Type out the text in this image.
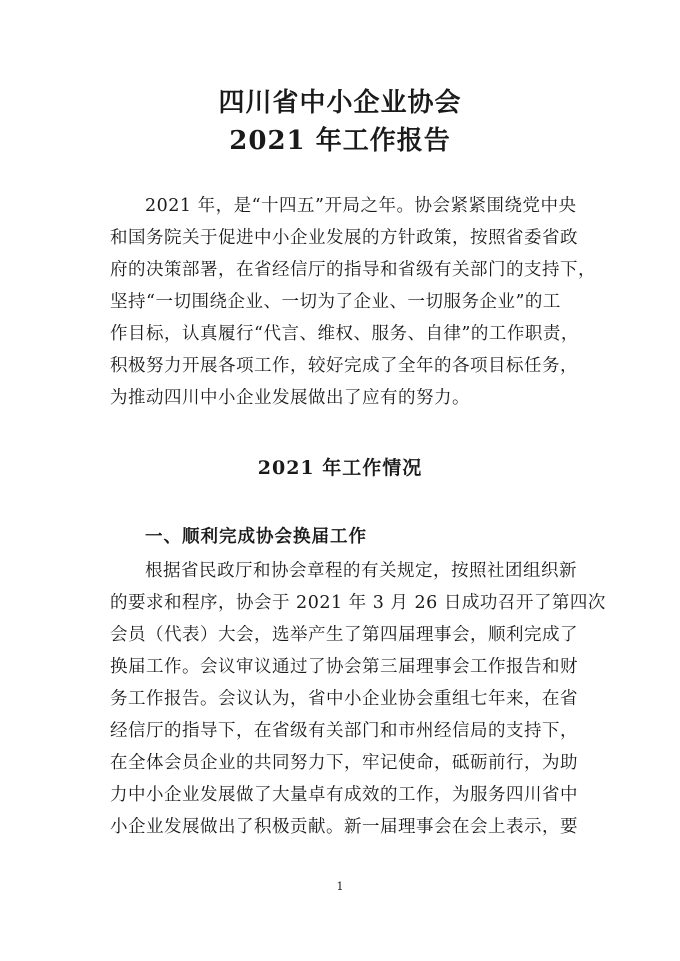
四川省中小企业协会
2021 年工作报告

2021 年，是“十四五”开局之年。协会紧紧围绕党中央
和国务院关于促进中小企业发展的方针政策，按照省委省政
府的决策部署，在省经信厅的指导和省级有关部门的支持下，
坚持“一切围绕企业、一切为了企业、一切服务企业”的工
作目标，认真履行“代言、维权、服务、自律”的工作职责，
积极努力开展各项工作，较好完成了全年的各项目标任务，
为推动四川中小企业发展做出了应有的努力。

2021 年工作情况
一、顺利完成协会换届工作

根据省民政厅和协会章程的有关规定，按照社团组织新
的要求和程序，协会于 2021 年 3 月 26 日成功召开了第四次
会员（代表）大会，选举产生了第四届理事会，顺利完成了
换届工作。会议审议通过了协会第三届理事会工作报告和财
务工作报告。会议认为，省中小企业协会重组七年来，在省
经信厅的指导下，在省级有关部门和市州经信局的支持下，
在全体会员企业的共同努力下，牢记使命，砥砺前行，为助
力中小企业发展做了大量卓有成效的工作，为服务四川省中
小企业发展做出了积极贡献。新一届理事会在会上表示，要

1
